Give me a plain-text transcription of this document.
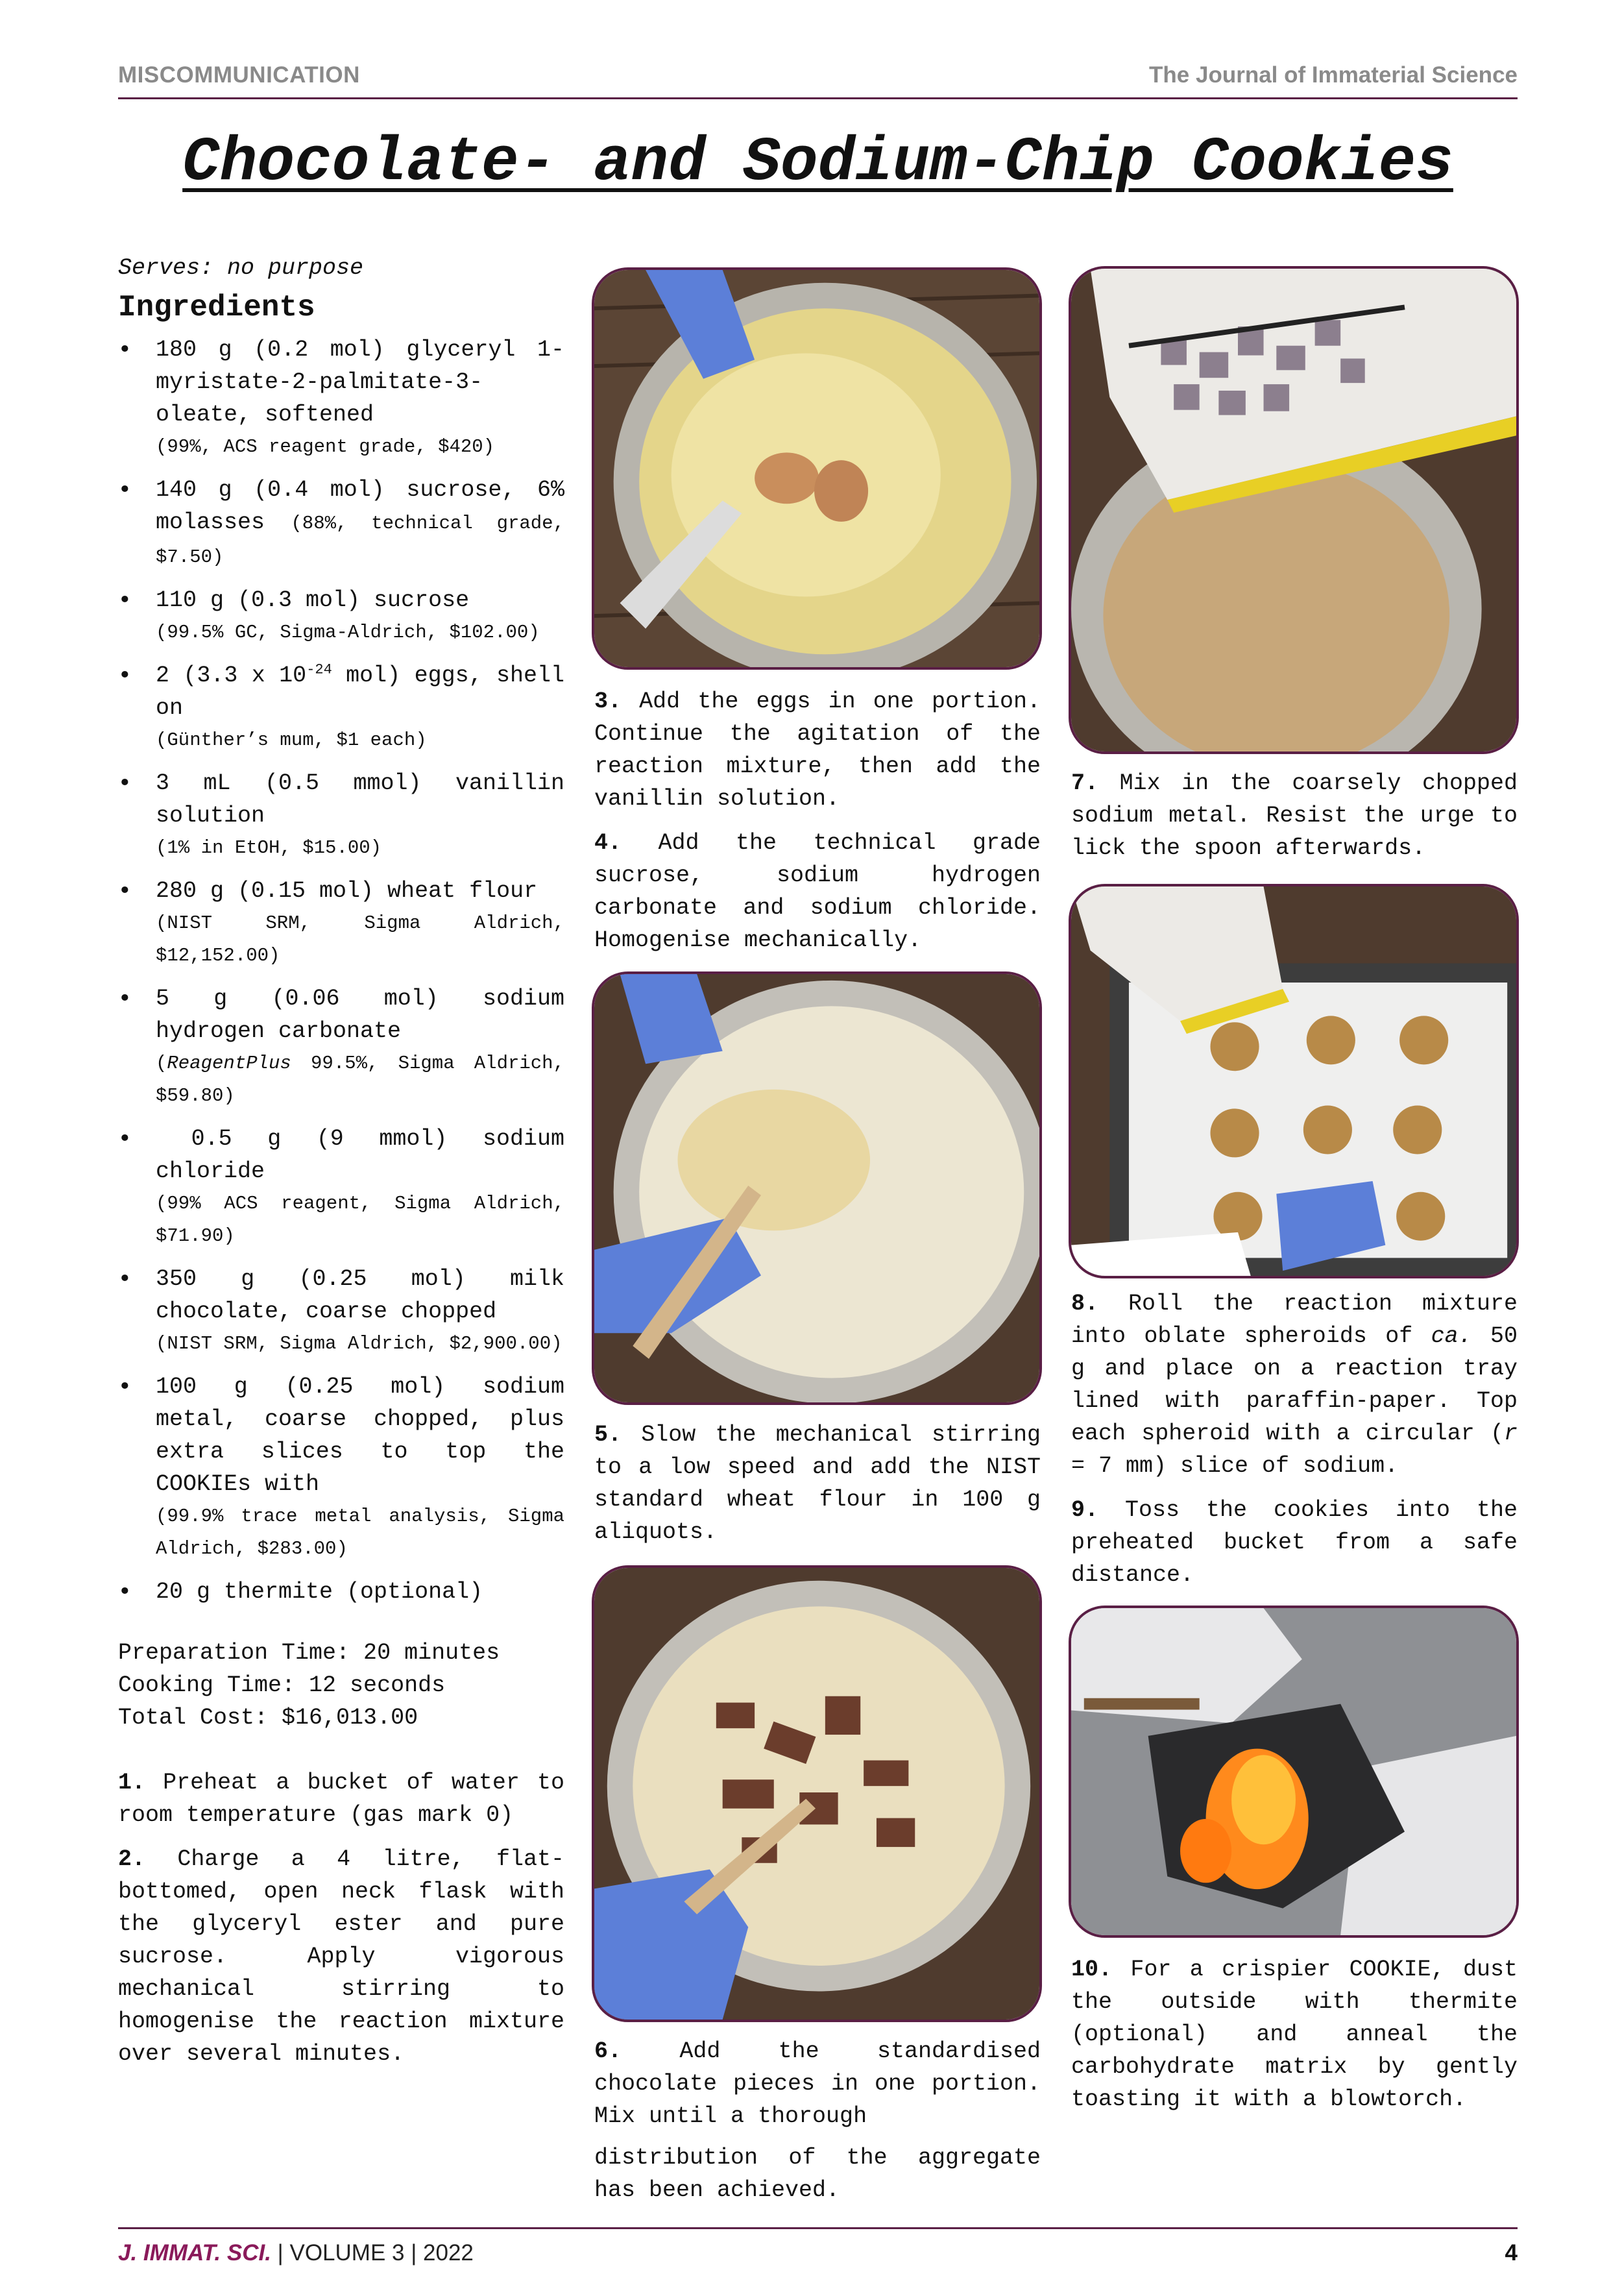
MISCOMMUNICATION	The Journal of Immaterial Science
Chocolate- and Sodium-Chip Cookies
Serves: no purpose
Ingredients
• 180 g (0.2 mol) glyceryl 1-myristate-2-palmitate-3-oleate, softened
(99%, ACS reagent grade, $420)
• 140 g (0.4 mol) sucrose, 6% molasses (88%, technical grade, $7.50)
• 110 g (0.3 mol) sucrose
(99.5% GC, Sigma-Aldrich, $102.00)
• 2 (3.3 x $10^{-24}$ mol) eggs, shell on
(Günther’s mum, $1 each)
• 3 mL (0.5 mmol) vanillin solution
(1% in EtOH, $15.00)
• 280 g (0.15 mol) wheat flour
(NIST SRM, Sigma Aldrich, $12,152.00)
• 5 g (0.06 mol) sodium hydrogen carbonate
(ReagentPlus 99.5%, Sigma Aldrich, $59.80)
•  0.5 g (9 mmol) sodium chloride
(99% ACS reagent, Sigma Aldrich, $71.90)
• 350 g (0.25 mol) milk chocolate, coarse chopped
(NIST SRM, Sigma Aldrich, $2,900.00)
• 100 g (0.25 mol) sodium metal, coarse chopped, plus extra slices to top the COOKIEs with
(99.9% trace metal analysis, Sigma Aldrich, $283.00)
• 20 g thermite (optional)
Preparation Time: 20 minutes
Cooking Time: 12 seconds
Total Cost: $16,013.00

1. Preheat a bucket of water to room temperature (gas mark 0)

2. Charge a 4 litre, flat-bottomed, open neck flask with the glyceryl ester and pure sucrose. Apply vigorous mechanical stirring to homogenise the reaction mixture over several minutes.

3. Add the eggs in one portion. Continue the agitation of the reaction mixture, then add the vanillin solution.

4. Add the technical grade sucrose, sodium hydrogen carbonate and sodium chloride. Homogenise mechanically.

5. Slow the mechanical stirring to a low speed and add the NIST standard wheat flour in 100 g aliquots.

6. Add the standardised chocolate pieces in one portion. Mix until a thorough

distribution of the aggregate has been achieved.

7. Mix in the coarsely chopped sodium metal. Resist the urge to lick the spoon afterwards.

8. Roll the reaction mixture into oblate spheroids of ca. 50 g and place on a reaction tray lined with paraffin-paper. Top each spheroid with a circular (r = 7 mm) slice of sodium.

9. Toss the cookies into the preheated bucket from a safe distance.

10. For a crispier COOKIE, dust the outside with thermite (optional) and anneal the carbohydrate matrix by gently toasting it with a blowtorch.

J. IMMAT. SCI. | VOLUME 3 | 2022	4
